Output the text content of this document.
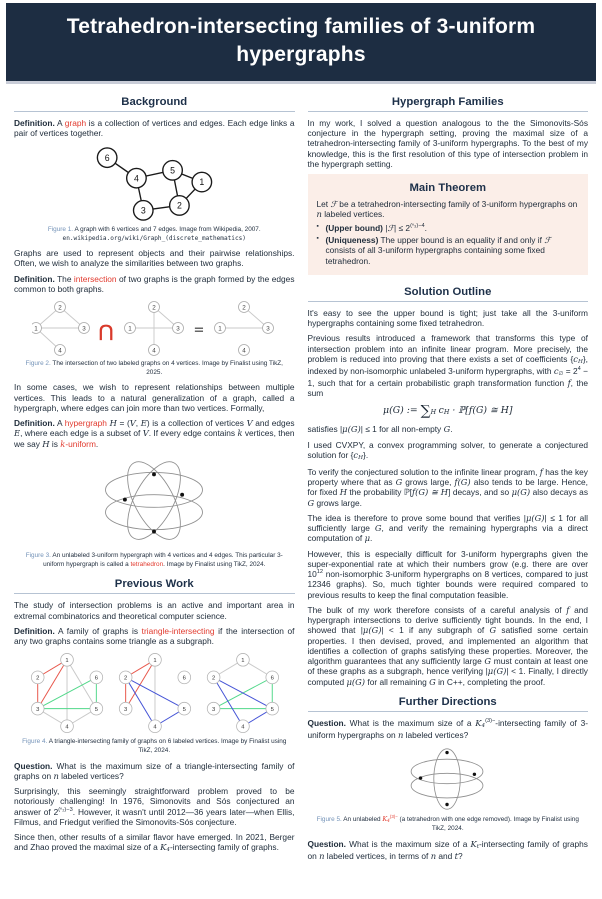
Tetrahedron-intersecting families of 3-uniform
hypergraphs
Background

Definition. A graph is a collection of vertices and edges. Each edge links a pair of vertices together.

6
4
5
1
2
3
Figure 1. A graph with 6 vertices and 7 edges. Image from Wikipedia, 2007.
en.wikipedia.org/wiki/Graph_(discrete_mathematics)

Graphs are used to represent objects and their pairwise relationships. Often, we wish to analyze the similarities between two graphs.

Definition. The intersection of two graphs is the graph formed by the edges common to both graphs.

2
1	3
4
2
1	3
4
2
1	3
4
⋂	=
Figure 2. The intersection of two labeled graphs on 4 vertices. Image by Finalist using TikZ, 2025.

In some cases, we wish to represent relationships between multiple vertices. This leads to a natural generalization of a graph, called a hypergraph, where edges can join more than two vertices. Formally,

Definition. A hypergraph H = (V, E) is a collection of vertices V and edges E, where each edge is a subset of V. If every edge contains k vertices, then we say H is k-uniform.

Figure 3. An unlabeled 3-uniform hypergraph with 4 vertices and 4 edges. This particular 3-uniform hypergraph is called a tetrahedron. Image by Finalist using TikZ, 2024.
Previous Work

The study of intersection problems is an active and important area in extremal combinatorics and theoretical computer science.

Definition. A family of graphs is triangle-intersecting if the intersection of any two graphs contains some triangle as a subgraph.

1
2	6
3	5
4
1
2	6
3	5
4
1
2	6
3	5
4
Figure 4. A triangle-intersecting family of graphs on 6 labeled vertices. Image by Finalist using TikZ, 2024.

Question. What is the maximum size of a triangle-intersecting family of graphs on n labeled vertices?

Surprisingly, this seemingly straightforward problem proved to be notoriously challenging! In 1976, Simonovits and Sós conjectured an answer of $2^{(^n_2)-3}$. However, it wasn't until 2012—36 years later—when Ellis, Filmus, and Friedgut verified the Simonovits-Sós conjecture.

Since then, other results of a similar flavor have emerged. In 2021, Berger and Zhao proved the maximal size of a K4-intersecting family of graphs.

Hypergraph Families

In my work, I solved a question analogous to the the Simonovits-Sós conjecture in the hypergraph setting, proving the maximal size of a tetrahedron-intersecting family of 3-uniform hypergraphs. To the best of my knowledge, this is the first resolution of this type of intersection problem in the hypergraph setting.

Main Theorem

Let ℱ be a tetrahedron-intersecting family of 3-uniform hypergraphs on n labeled vertices.

▪ (Upper bound) |ℱ| ≤ $2^{(^n_3)-4}$.
▪ (Uniqueness) The upper bound is an equality if and only if ℱ consists of all 3-uniform hypergraphs containing some fixed tetrahedron.
Solution Outline

It's easy to see the upper bound is tight; just take all the 3-uniform hypergraphs containing some fixed tetrahedron.

Previous results introduced a framework that transforms this type of intersection problem into an infinite linear program. More precisely, the problem is reduced into proving that there exists a set of coefficients {cH}, indexed by non-isomorphic unlabeled 3-uniform hypergraphs, with c∅ = $2^4 - 1$, such that for a certain probabilistic graph transformation function f, the sum

μ(G) := ∑H cH · ℙ[f(G) ≅ H]

satisfies |μ(G)| ≤ 1 for all non-empty G.

I used CVXPY, a convex programming solver, to generate a conjectured solution for {cH}.

To verify the conjectured solution to the infinite linear program, f has the key property where that as G grows large, f(G) also tends to be large. Hence, for fixed H the probability ℙ[f(G) ≅ H] decays, and so μ(G) also decays as G grows large.

The idea is therefore to prove some bound that verifies |μ(G)| ≤ 1 for all sufficiently large G, and verify the remaining hypergraphs via a direct computation of μ.

However, this is especially difficult for 3-uniform hypergraphs given the super-exponential rate at which their numbers grow (e.g. there are over $10^{12}$ non-isomorphic 3-uniform hypergraphs on 8 vertices, compared to just 12346 graphs). So, much tighter bounds were required compared to previous results to keep the final computation feasible.

The bulk of my work therefore consists of a careful analysis of f and hypergraph intersections to derive sufficiently tight bounds. In the end, I showed that |μ(G)| < 1 if any subgraph of G satisfied some certain properties. I then devised, proved, and implemented an algorithm that identifies a collection of graphs satisfying these properties. Moreover, the algorithm guarantees that any sufficiently large G must contain at least one of these graphs as a subgraph, hence verifying |μ(G)| < 1. Finally, I directly computed μ(G) for all remaining G in C++, completing the proof.

Further Directions

Question. What is the maximum size of a $K4^{(3)-}$-intersecting family of 3-uniform hypergraphs on n labeled vertices?

Figure 5. An unlabeled $K4^{(3)-}$ (a tetrahedron with one edge removed). Image by Finalist using TikZ, 2024.

Question. What is the maximum size of a Kt-intersecting family of graphs on n labeled vertices, in terms of n and t?
